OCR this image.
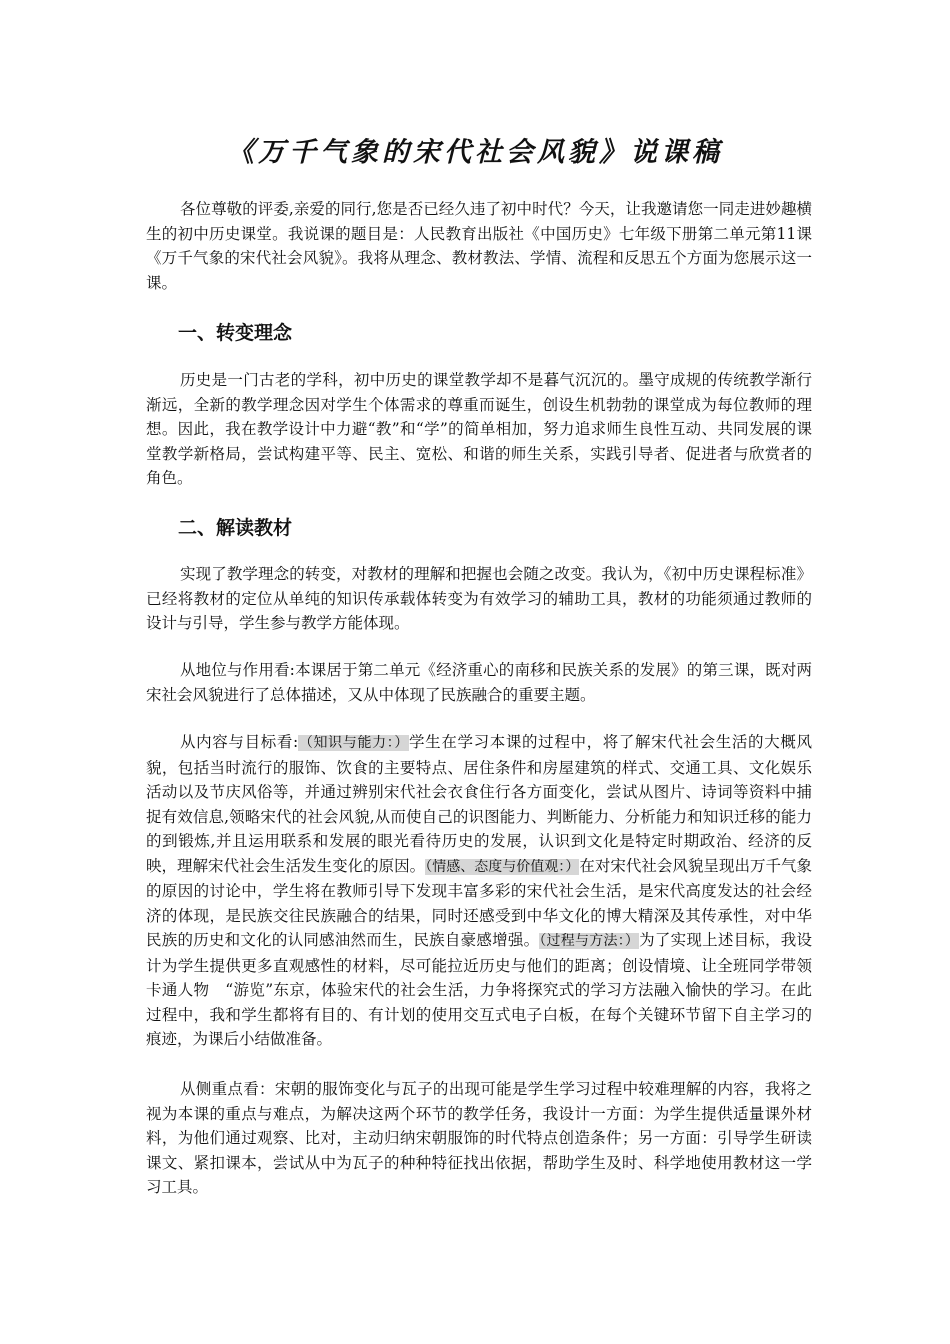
《万千气象的宋代社会风貌》说课稿

各位尊敬的评委,亲爱的同行,您是否已经久违了初中时代？今天，让我邀请您一同走进妙趣横生的初中历史课堂。我说课的题目是：人民教育出版社《中国历史》七年级下册第二单元第11课《万千气象的宋代社会风貌》。我将从理念、教材教法、学情、流程和反思五个方面为您展示这一课。

一、转变理念

历史是一门古老的学科，初中历史的课堂教学却不是暮气沉沉的。墨守成规的传统教学渐行渐远，全新的教学理念因对学生个体需求的尊重而诞生，创设生机勃勃的课堂成为每位教师的理想。因此，我在教学设计中力避“教”和“学”的简单相加，努力追求师生良性互动、共同发展的课堂教学新格局，尝试构建平等、民主、宽松、和谐的师生关系，实践引导者、促进者与欣赏者的角色。

二、解读教材

实现了教学理念的转变，对教材的理解和把握也会随之改变。我认为，《初中历史课程标准》已经将教材的定位从单纯的知识传承载体转变为有效学习的辅助工具，教材的功能须通过教师的设计与引导，学生参与教学方能体现。

从地位与作用看:本课居于第二单元《经济重心的南移和民族关系的发展》的第三课，既对两宋社会风貌进行了总体描述，又从中体现了民族融合的重要主题。

从内容与目标看:（知识与能力：）学生在学习本课的过程中，将了解宋代社会生活的大概风貌，包括当时流行的服饰、饮食的主要特点、居住条件和房屋建筑的样式、交通工具、文化娱乐活动以及节庆风俗等，并通过辨别宋代社会衣食住行各方面变化，尝试从图片、诗词等资料中捕捉有效信息,领略宋代的社会风貌,从而使自己的识图能力、判断能力、分析能力和知识迁移的能力的到锻炼,并且运用联系和发展的眼光看待历史的发展，认识到文化是特定时期政治、经济的反映，理解宋代社会生活发生变化的原因。（情感、态度与价值观：）在对宋代社会风貌呈现出万千气象的原因的讨论中，学生将在教师引导下发现丰富多彩的宋代社会生活，是宋代高度发达的社会经济的体现，是民族交往民族融合的结果，同时还感受到中华文化的博大精深及其传承性，对中华民族的历史和文化的认同感油然而生，民族自豪感增强。（过程与方法：）为了实现上述目标，我设计为学生提供更多直观感性的材料，尽可能拉近历史与他们的距离；创设情境、让全班同学带领卡通人物　“游览”东京，体验宋代的社会生活，力争将探究式的学习方法融入愉快的学习。在此过程中，我和学生都将有目的、有计划的使用交互式电子白板，在每个关键环节留下自主学习的痕迹，为课后小结做准备。

从侧重点看：宋朝的服饰变化与瓦子的出现可能是学生学习过程中较难理解的内容，我将之视为本课的重点与难点，为解决这两个环节的教学任务，我设计一方面：为学生提供适量课外材料，为他们通过观察、比对，主动归纳宋朝服饰的时代特点创造条件；另一方面：引导学生研读课文、紧扣课本，尝试从中为瓦子的种种特征找出依据，帮助学生及时、科学地使用教材这一学习工具。
